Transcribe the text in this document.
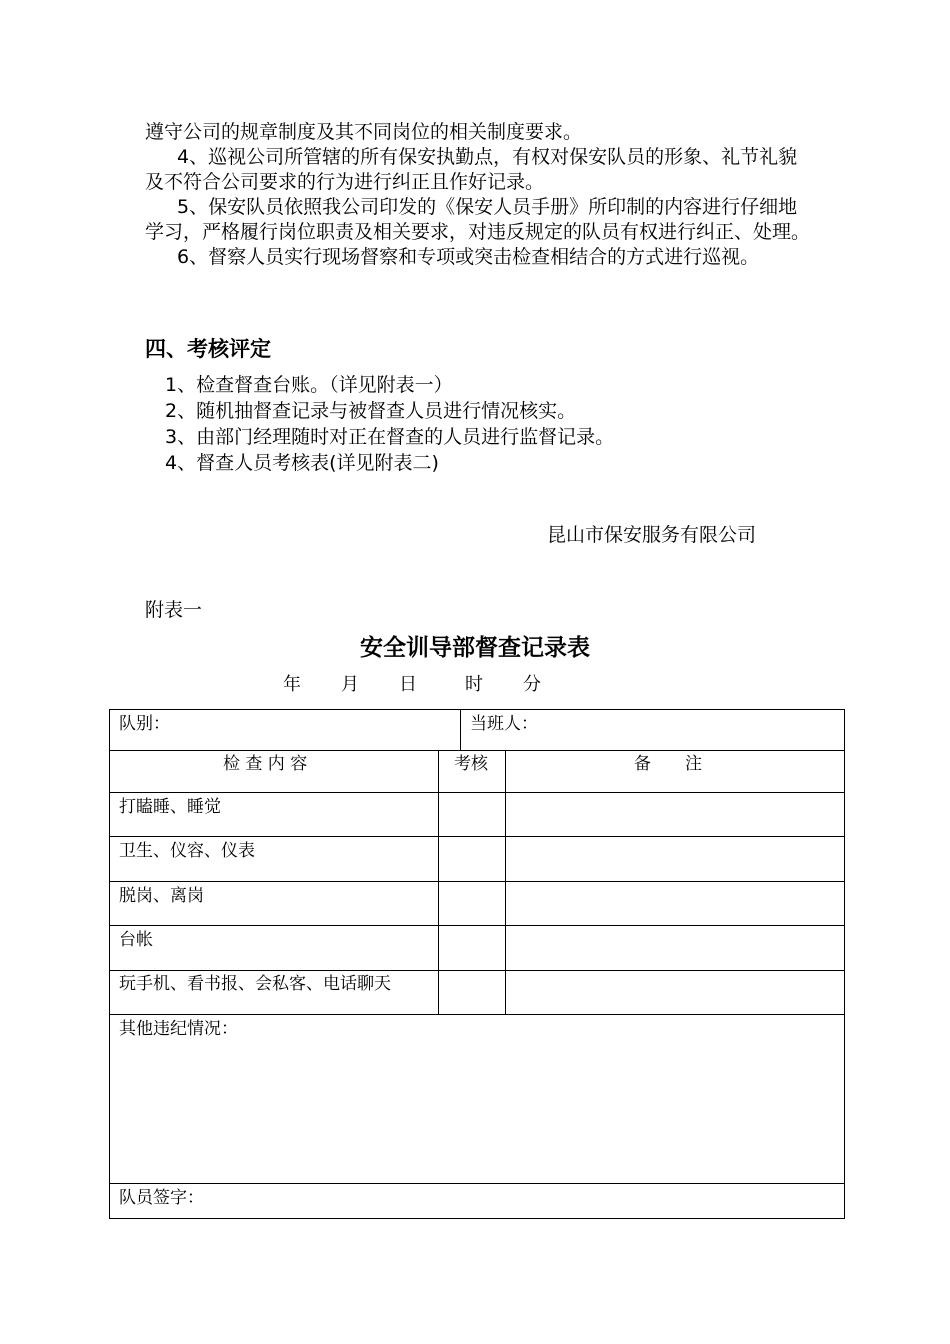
遵守公司的规章制度及其不同岗位的相关制度要求。

4、巡视公司所管辖的所有保安执勤点，有权对保安队员的形象、礼节礼貌及不符合公司要求的行为进行纠正且作好记录。

5、保安队员依照我公司印发的《保安人员手册》所印制的内容进行仔细地学习，严格履行岗位职责及相关要求，对违反规定的队员有权进行纠正、处理。

6、督察人员实行现场督察和专项或突击检查相结合的方式进行巡视。

四、考核评定
1、检查督查台账。（详见附表一）
2、随机抽督查记录与被督查人员进行情况核实。
3、由部门经理随时对正在督查的人员进行监督记录。
4、督查人员考核表(详见附表二)
昆山市保安服务有限公司
附表一
安全训导部督查记录表
年 月 日	时 分
队别：	当班人：
检 查 内 容	考核	备　　注
打瞌睡、睡觉
卫生、仪容、仪表
脱岗、离岗
台帐
玩手机、看书报、会私客、电话聊天
其他违纪情况：
队员签字：
